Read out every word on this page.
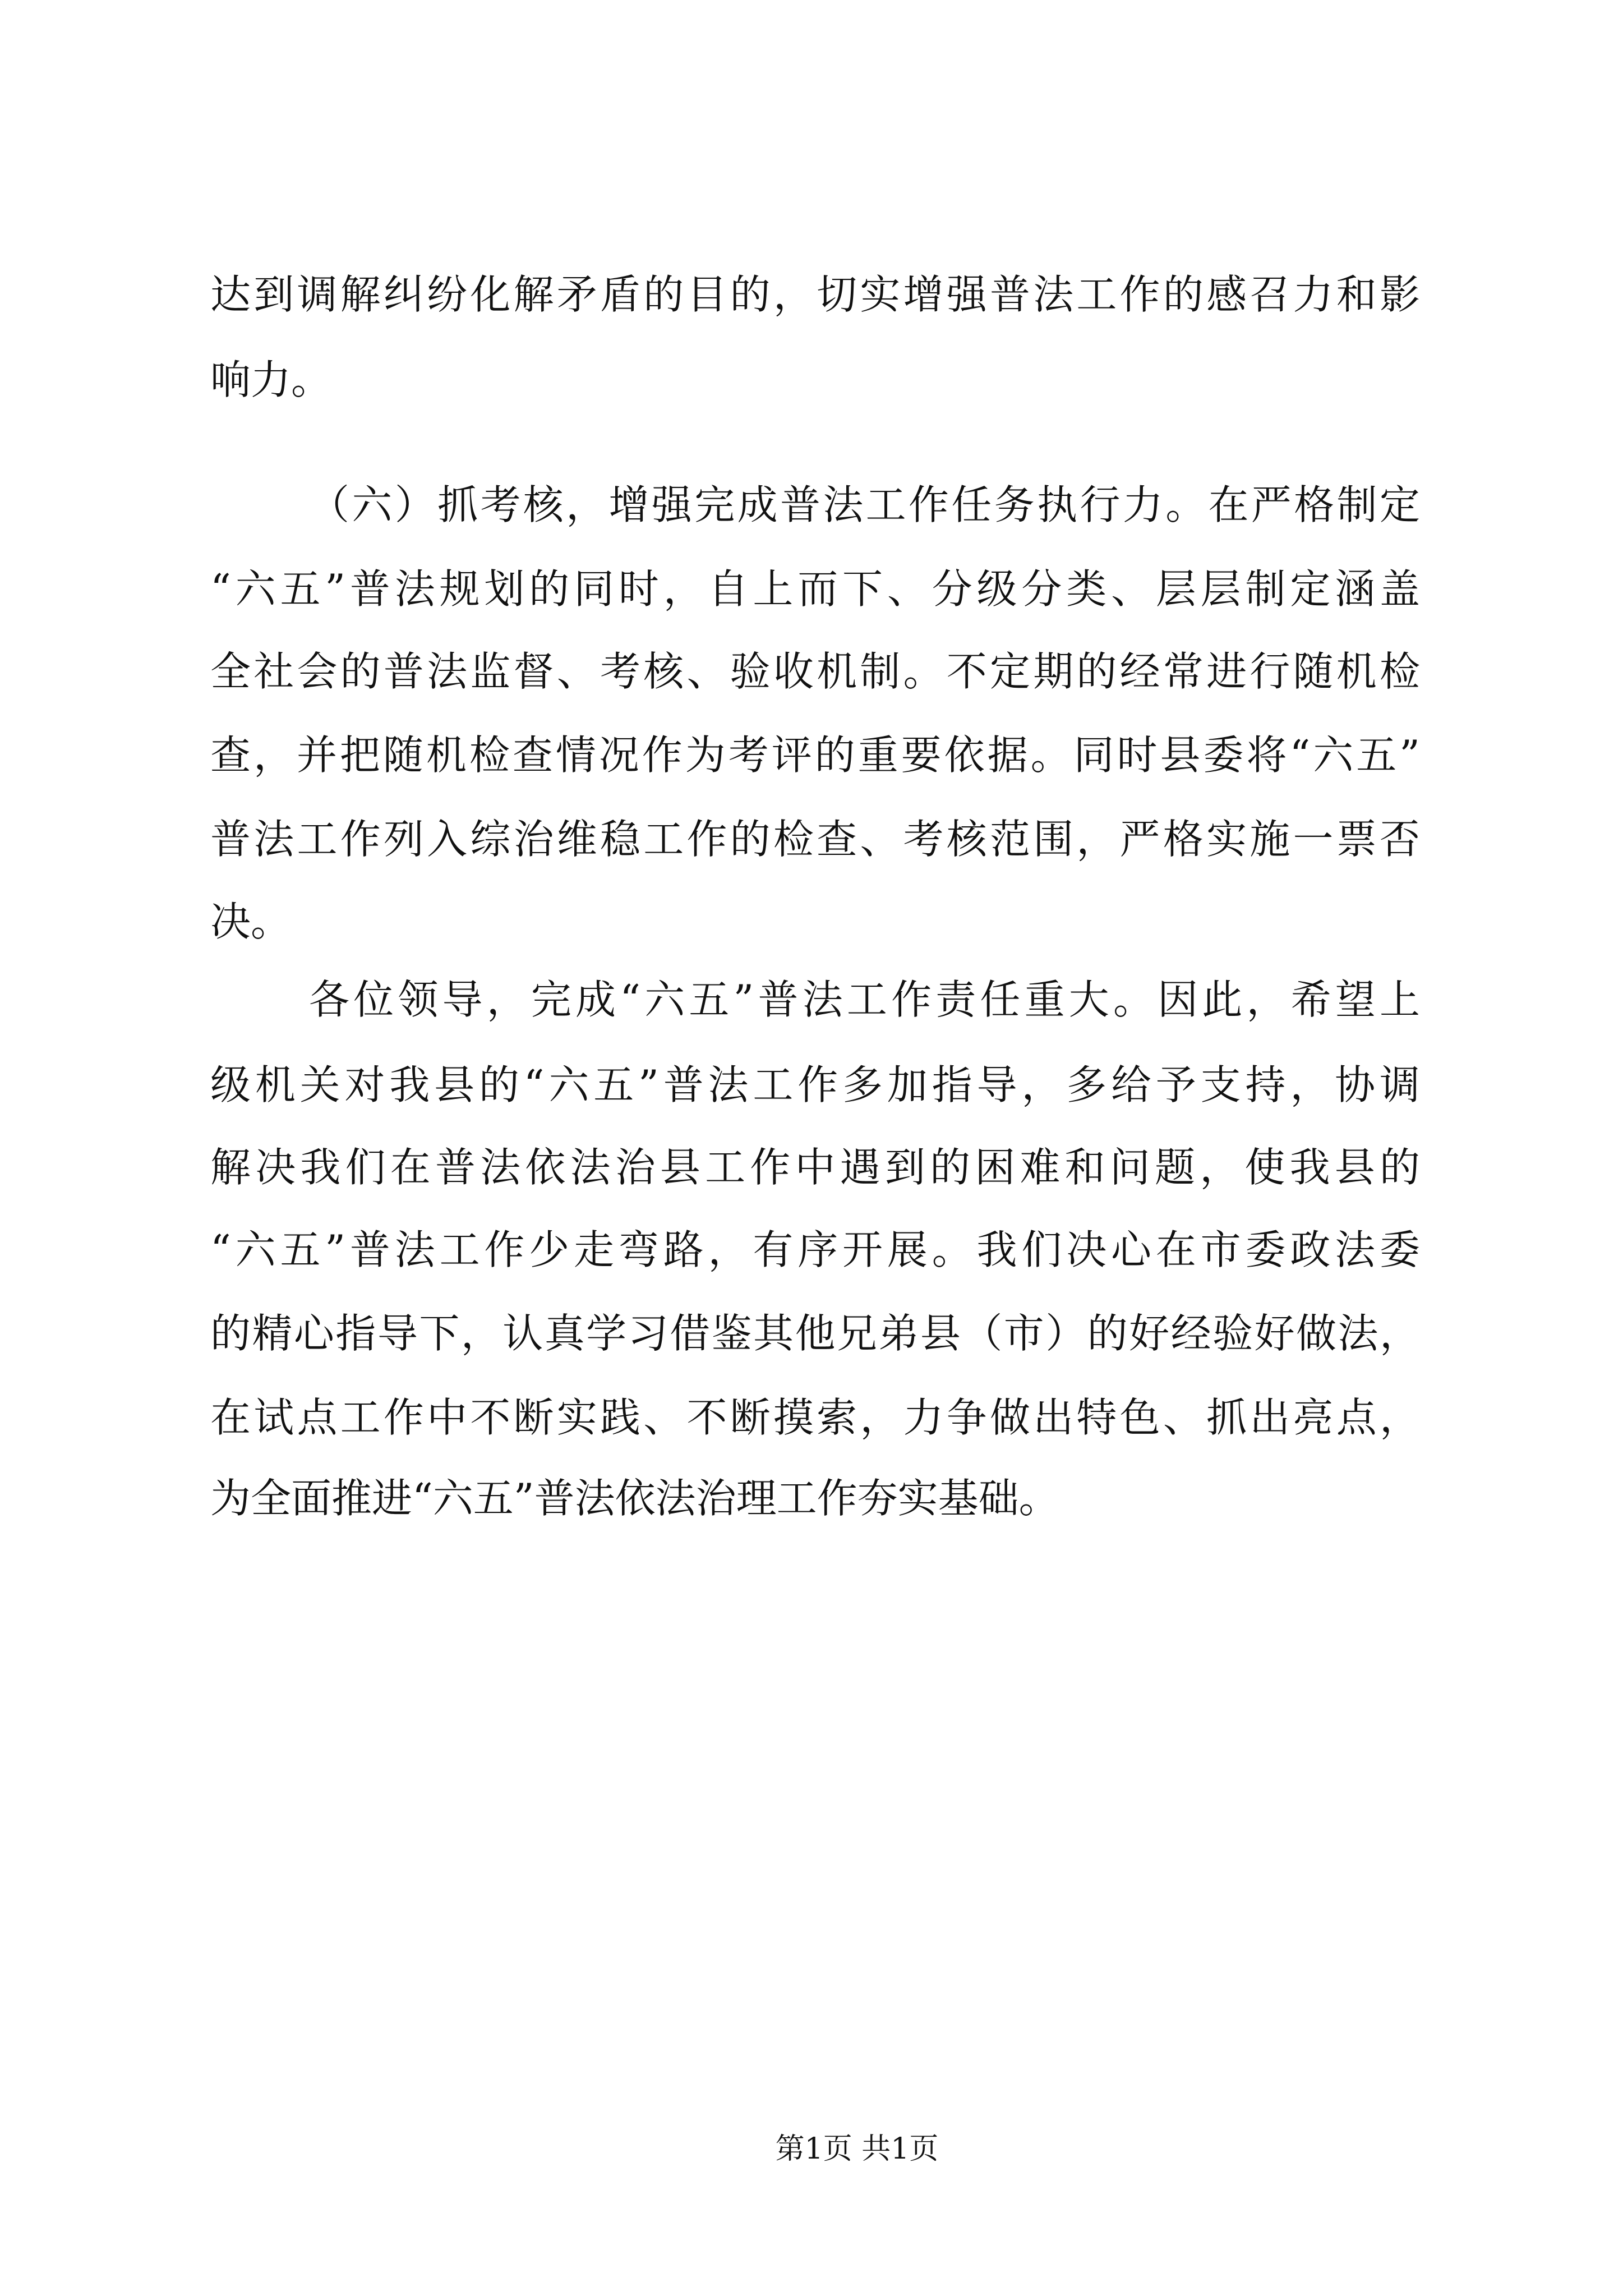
达到调解纠纷化解矛盾的目的，切实增强普法工作的感召力和影
响力。
（六）抓考核，增强完成普法工作任务执行力。在严格制定
“六五”普法规划的同时，自上而下、分级分类、层层制定涵盖
全社会的普法监督、考核、验收机制。不定期的经常进行随机检
查，并把随机检查情况作为考评的重要依据。同时县委将“六五”
普法工作列入综治维稳工作的检查、考核范围，严格实施一票否
决。
各位领导，完成“六五”普法工作责任重大。因此，希望上
级机关对我县的“六五”普法工作多加指导，多给予支持，协调
解决我们在普法依法治县工作中遇到的困难和问题，使我县的
“六五”普法工作少走弯路，有序开展。我们决心在市委政法委
的精心指导下，认真学习借鉴其他兄弟县（市）的好经验好做法，
在试点工作中不断实践、不断摸索，力争做出特色、抓出亮点，
为全面推进“六五”普法依法治理工作夯实基础。
第1页 共1页
